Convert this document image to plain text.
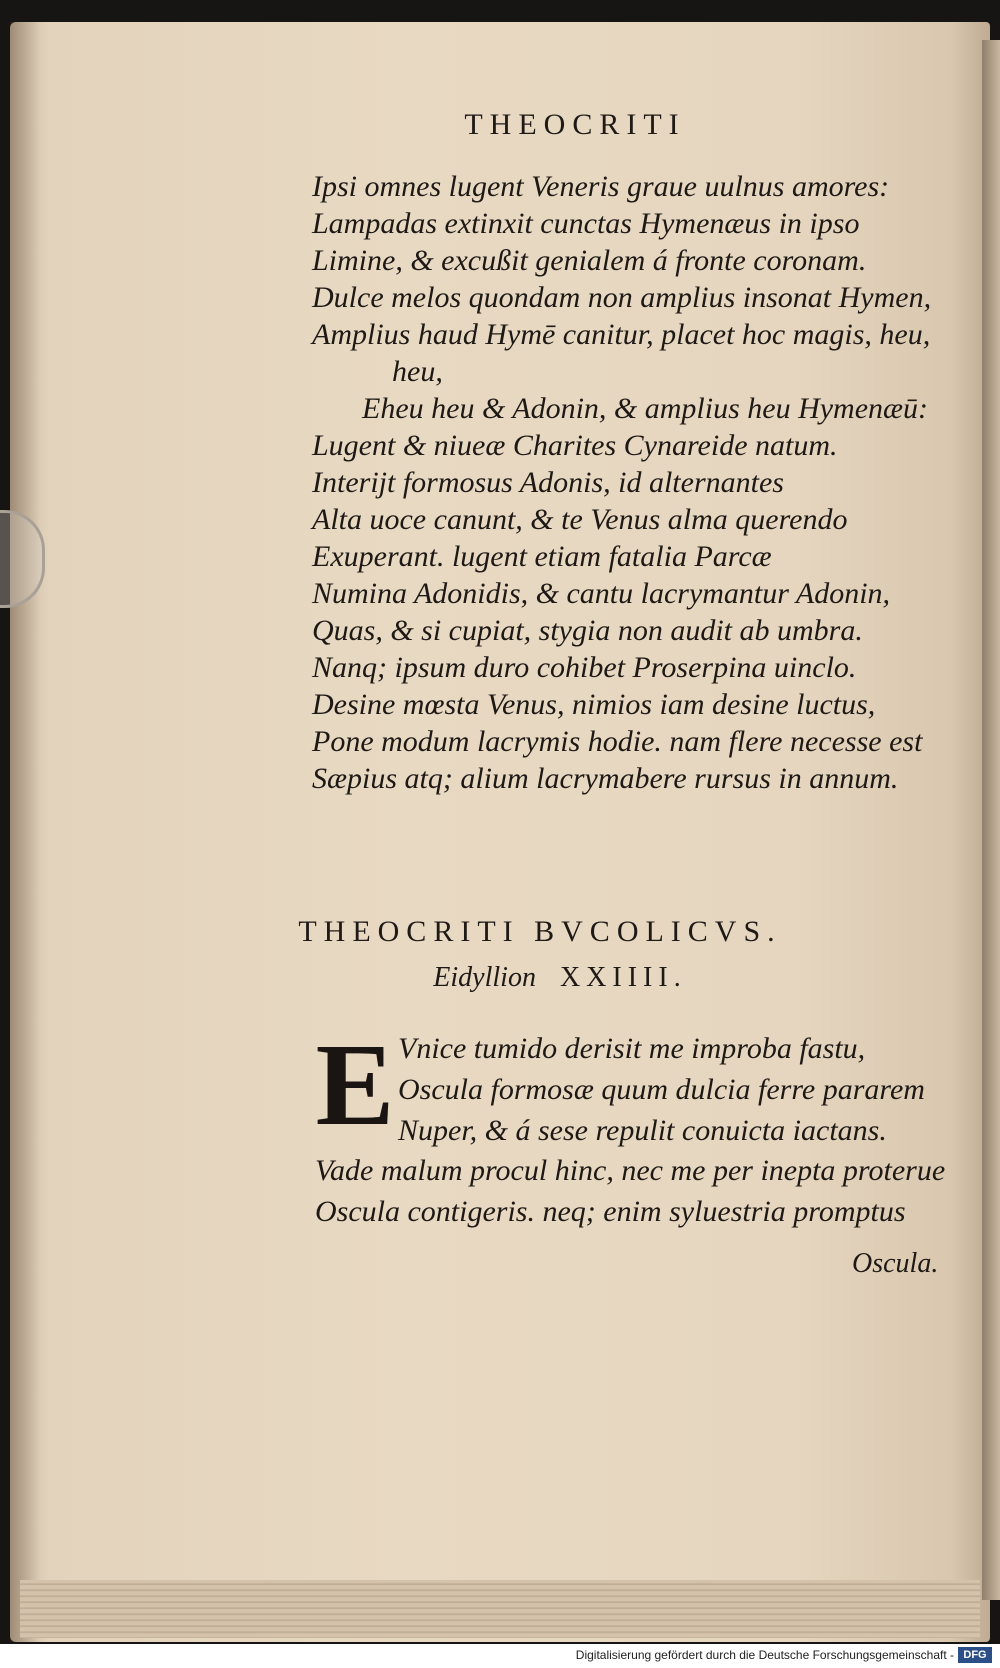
THEOCRITI
Ipsi omnes lugent Veneris graue uulnus amores:
Lampadas extinxit cunctas Hymenæus in ipso
Limine, & excußit genialem á fronte coronam.
Dulce melos quondam non amplius insonat Hymen,
Amplius haud Hymē canitur, placet hoc magis, heu,
heu,
Eheu heu & Adonin, & amplius heu Hymenæū:
Lugent & niueæ Charites Cynareide natum.
Interijt formosus Adonis, id alternantes
Alta uoce canunt, & te Venus alma querendo
Exuperant. lugent etiam fatalia Parcæ
Numina Adonidis, & cantu lacrymantur Adonin,
Quas, & si cupiat, stygia non audit ab umbra.
Nanq; ipsum duro cohibet Proserpina uinclo.
Desine mœsta Venus, nimios iam desine luctus,
Pone modum lacrymis hodie. nam flere necesse est
Sæpius atq; alium lacrymabere rursus in annum.
THEOCRITI BVCOLICVS.
Eidyllion XXIIII.
E Vnice tumido derisit me improba fastu,
Oscula formosæ quum dulcia ferre pararem
Nuper, & á sese repulit conuicta iactans.
Vade malum procul hinc, nec me per inepta proterue
Oscula contigeris. neq; enim syluestria promptus
Oscula.
Digitalisierung gefördert durch die Deutsche Forschungsgemeinschaft - DFG
